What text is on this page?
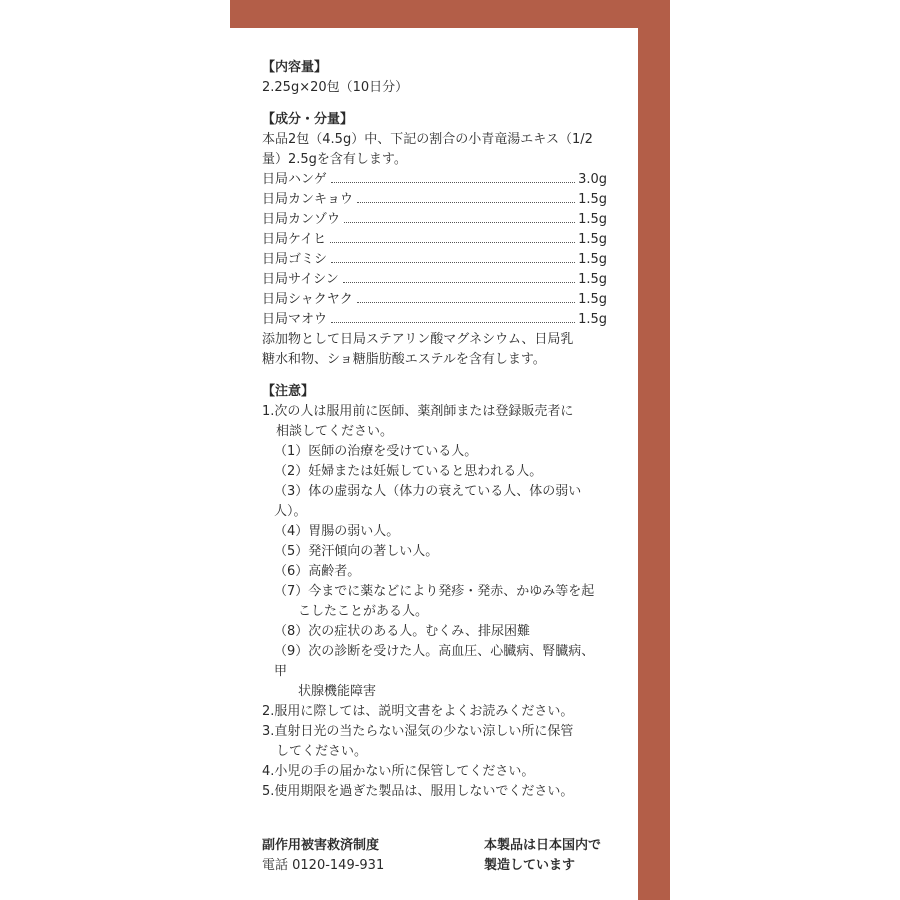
【内容量】
2.25g×20包（10日分）
【成分・分量】
本品2包（4.5g）中、下記の割合の小青竜湯エキス（1/2
量）2.5gを含有します。
日局ハンゲ	3.0g
日局カンキョウ	1.5g
日局カンゾウ	1.5g
日局ケイヒ	1.5g
日局ゴミシ	1.5g
日局サイシン	1.5g
日局シャクヤク	1.5g
日局マオウ	1.5g
添加物として日局ステアリン酸マグネシウム、日局乳
糖水和物、ショ糖脂肪酸エステルを含有します。
【注意】
1.次の人は服用前に医師、薬剤師または登録販売者に
相談してください。
（1）医師の治療を受けている人。
（2）妊婦または妊娠していると思われる人。
（3）体の虚弱な人（体力の衰えている人、体の弱い人）。
（4）胃腸の弱い人。
（5）発汗傾向の著しい人。
（6）高齢者。
（7）今までに薬などにより発疹・発赤、かゆみ等を起
こしたことがある人。
（8）次の症状のある人。むくみ、排尿困難
（9）次の診断を受けた人。高血圧、心臓病、腎臓病、甲
状腺機能障害
2.服用に際しては、説明文書をよくお読みください。
3.直射日光の当たらない湿気の少ない涼しい所に保管
してください。
4.小児の手の届かない所に保管してください。
5.使用期限を過ぎた製品は、服用しないでください。
副作用被害救済制度
電話 0120-149-931
本製品は日本国内で
製造しています
